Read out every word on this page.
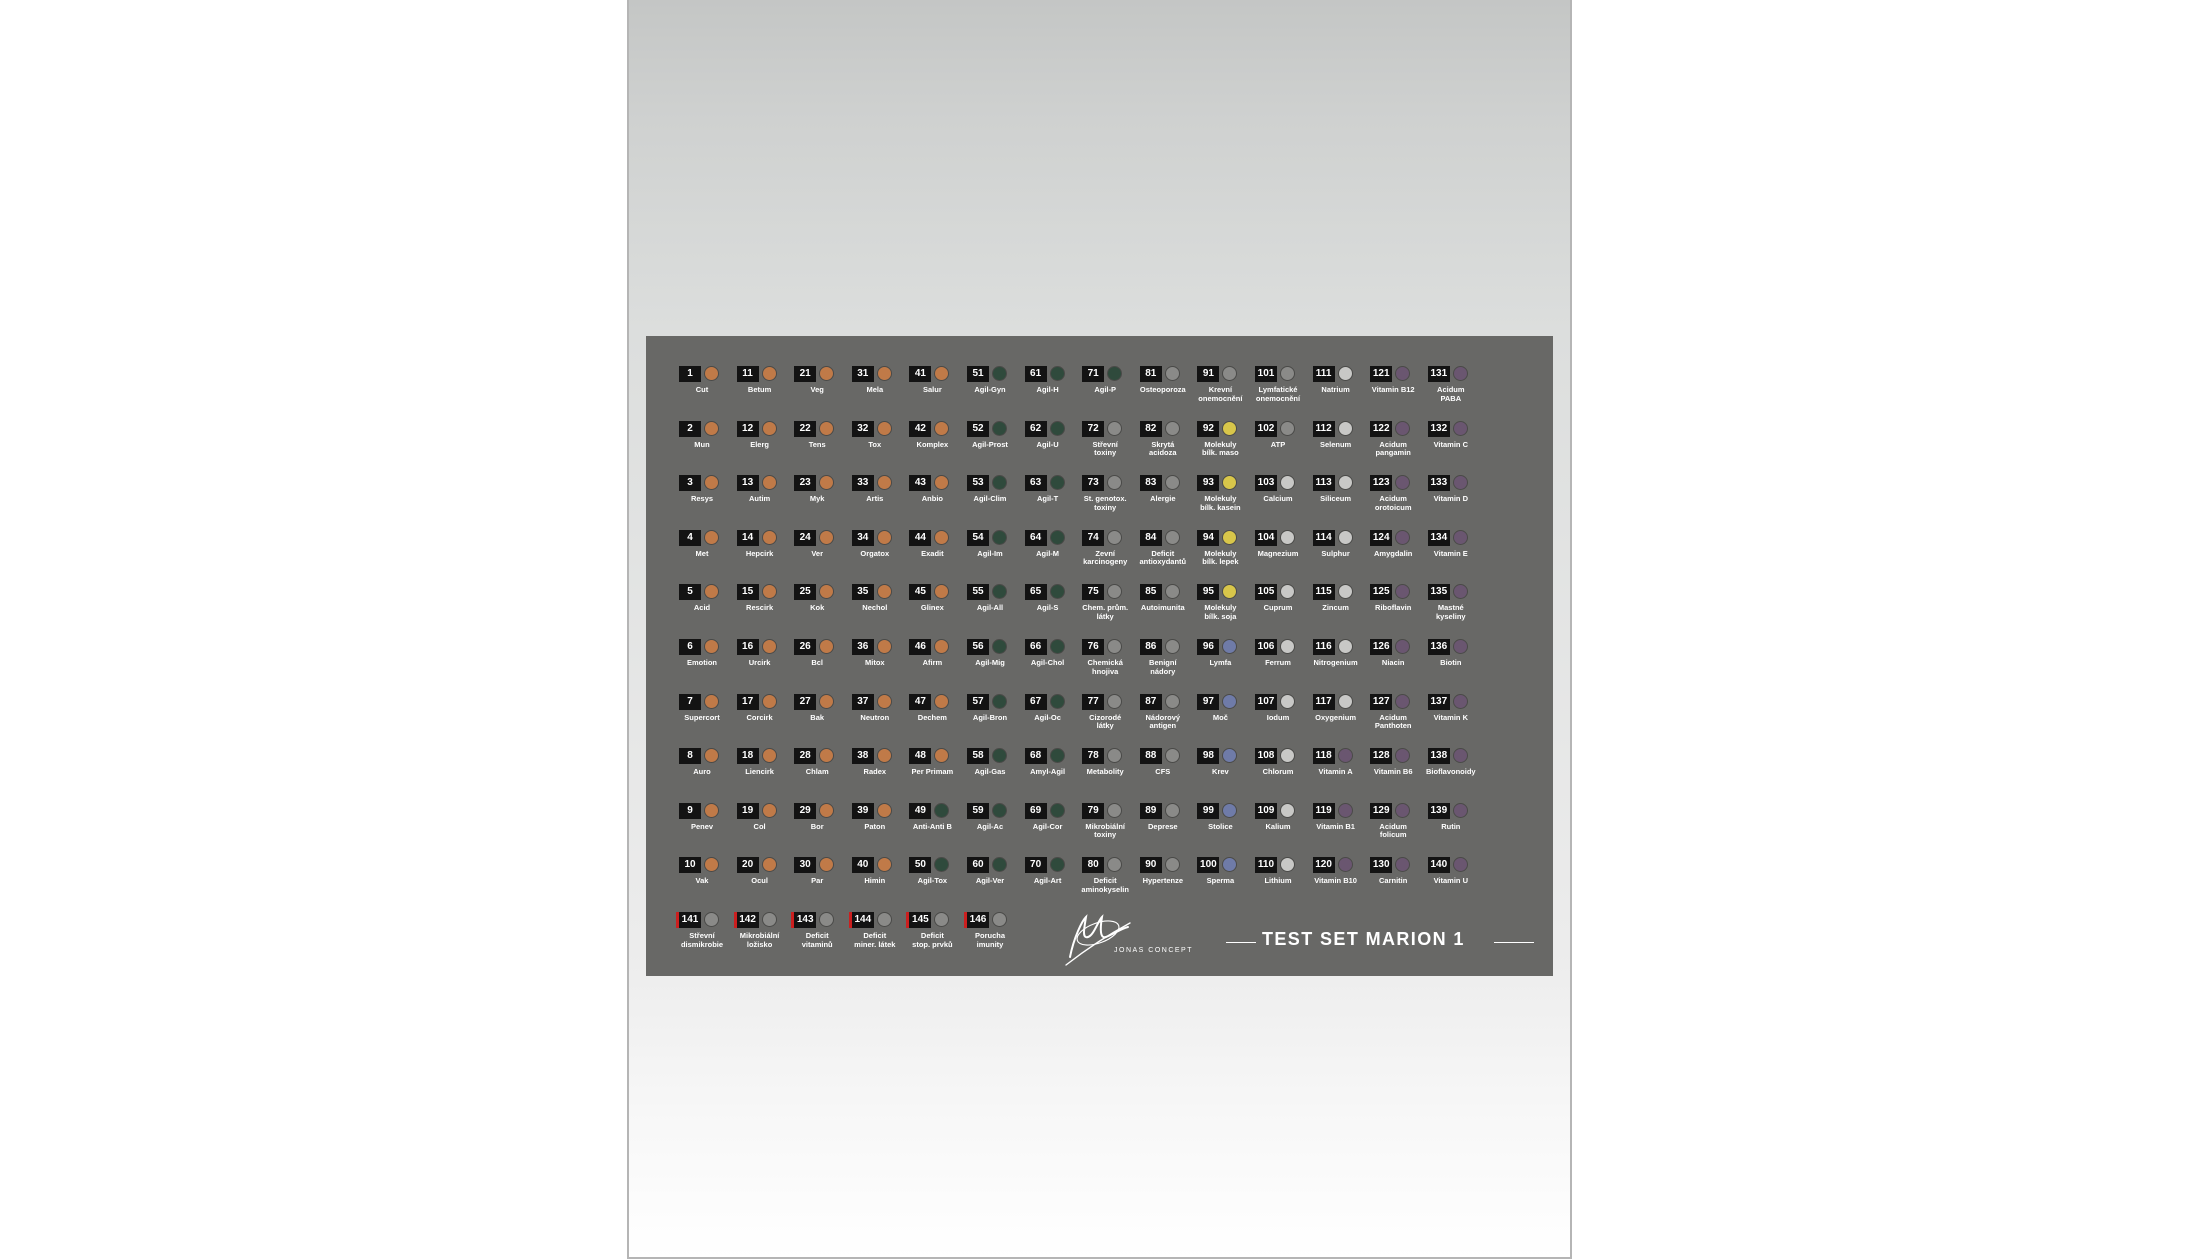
1
Cut
2
Mun
3
Resys
4
Met
5
Acid
6
Emotion
7
Supercort
8
Auro
9
Penev
10
Vak
11
Betum
12
Elerg
13
Autim
14
Hepcirk
15
Rescirk
16
Urcirk
17
Corcirk
18
Liencirk
19
Col
20
Ocul
21
Veg
22
Tens
23
Myk
24
Ver
25
Kok
26
Bcl
27
Bak
28
Chlam
29
Bor
30
Par
31
Mela
32
Tox
33
Artis
34
Orgatox
35
Nechol
36
Mitox
37
Neutron
38
Radex
39
Paton
40
Himin
41
Salur
42
Komplex
43
Anbio
44
Exadit
45
Glinex
46
Afirm
47
Dechem
48
Per Primam
49
Anti-Anti B
50
Agil-Tox
51
Agil-Gyn
52
Agil-Prost
53
Agil-Clim
54
Agil-Im
55
Agil-All
56
Agil-Mig
57
Agil-Bron
58
Agil-Gas
59
Agil-Ac
60
Agil-Ver
61
Agil-H
62
Agil-U
63
Agil-T
64
Agil-M
65
Agil-S
66
Agil-Chol
67
Agil-Oc
68
Amyl-Agil
69
Agil-Cor
70
Agil-Art
71
Agil-P
72
Střevní
toxiny
73
St. genotox.
toxiny
74
Zevní
karcinogeny
75
Chem. prům.
látky
76
Chemická
hnojiva
77
Cizorodé
látky
78
Metabolity
79
Mikrobiální
toxiny
80
Deficit
aminokyselin
81
Osteoporoza
82
Skrytá
acidoza
83
Alergie
84
Deficit
antioxydantů
85
Autoimunita
86
Benigní
nádory
87
Nádorový
antigen
88
CFS
89
Deprese
90
Hypertenze
91
Krevní
onemocnění
92
Molekuly
bílk. maso
93
Molekuly
bílk. kasein
94
Molekuly
bílk. lepek
95
Molekuly
bílk. soja
96
Lymfa
97
Moč
98
Krev
99
Stolice
100
Sperma
101
Lymfatické
onemocnění
102
ATP
103
Calcium
104
Magnezium
105
Cuprum
106
Ferrum
107
Iodum
108
Chlorum
109
Kalium
110
Lithium
111
Natrium
112
Selenum
113
Siliceum
114
Sulphur
115
Zincum
116
Nitrogenium
117
Oxygenium
118
Vitamin A
119
Vitamin B1
120
Vitamin B10
121
Vitamin B12
122
Acidum
pangamin
123
Acidum
orotoicum
124
Amygdalin
125
Riboflavin
126
Niacin
127
Acidum
Panthoten
128
Vitamin B6
129
Acidum
folicum
130
Carnitin
131
Acidum
PABA
132
Vitamin C
133
Vitamin D
134
Vitamin E
135
Mastné
kyseliny
136
Biotin
137
Vitamin K
138
Bioflavonoidy
139
Rutin
140
Vitamin U
141
Střevní
dismikrobie
142
Mikrobiální
ložisko
143
Deficit
vitaminů
144
Deficit
miner. látek
145
Deficit
stop. prvků
146
Porucha
imunity
JONAS CONCEPT
TEST SET MARION 1
